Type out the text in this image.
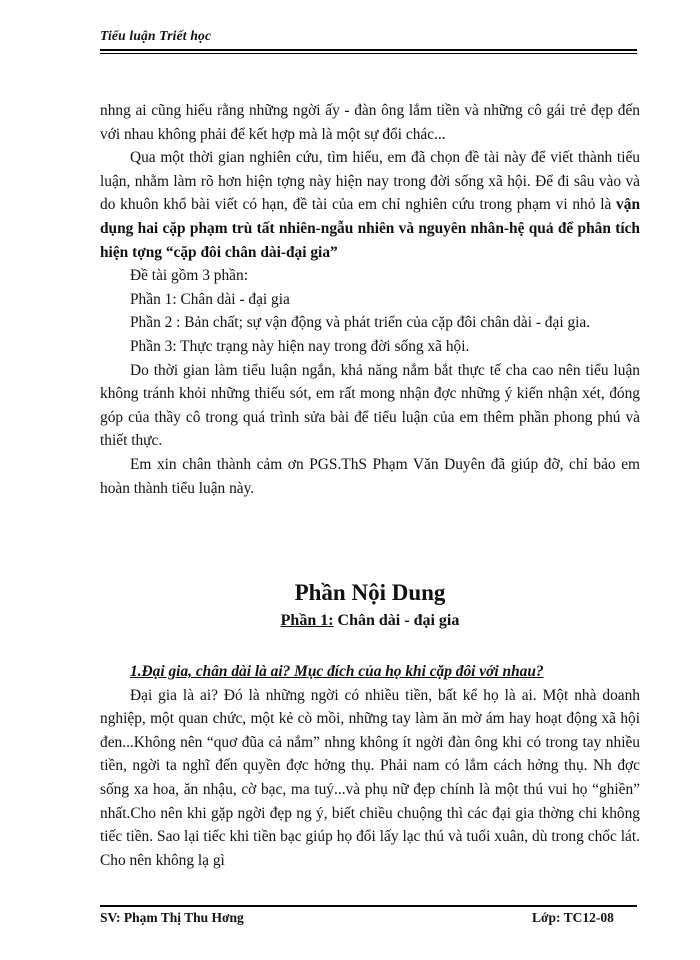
Tiểu luận Triết học

nhng ai cũng hiểu rằng những ngời ấy - đàn ông lắm tiền và những cô gái trẻ đẹp đến với nhau không phải để kết hợp mà là một sự đổi chác...

Qua một thời gian nghiên cứu, tìm hiểu, em đã chọn đề tài này để viết thành tiểu luận, nhằm làm rõ hơn hiện tợng này hiện nay trong đời sống xã hội. Để đi sâu vào và do khuôn khổ bài viết có hạn, đề tài của em chỉ nghiên cứu trong phạm vi nhỏ là vận dụng hai cặp phạm trù tất nhiên-ngẫu nhiên và nguyên nhân-hệ quả để phân tích hiện tợng “cặp đôi chân dài-đại gia”

Đề tài gồm 3 phần:

Phần 1: Chân dài - đại gia

Phần 2 : Bản chất; sự vận động và phát triển của cặp đôi chân dài - đại gia.

Phần 3: Thực trạng này hiện nay trong đời sống xã hội.

Do thời gian làm tiểu luận ngắn, khả năng nắm bắt thực tế cha cao nên tiểu luận không tránh khỏi những thiếu sót, em rất mong nhận đợc những ý kiến nhận xét, đóng góp của thầy cô trong quá trình sửa bài để tiểu luận của em thêm phần phong phú và thiết thực.

Em xin chân thành cảm ơn PGS.ThS Phạm Văn Duyên đã giúp đỡ, chỉ bảo em hoàn thành tiểu luận này.

Phần Nội Dung
Phần 1: Chân dài - đại gia

1.Đại gia, chân dài là ai? Mục đích của họ khi cặp đôi với nhau?

Đại gia là ai? Đó là những ngời có nhiều tiền, bất kể họ là ai. Một nhà doanh nghiệp, một quan chức, một kẻ cò mồi, những tay làm ăn mờ ám hay hoạt động xã hội đen...Không nên “quơ đũa cả nắm” nhng không ít ngời đàn ông khi có trong tay nhiều tiền, ngời ta nghĩ đến quyền đợc hởng thụ. Phải nam có lắm cách hởng thụ. Nh đợc sống xa hoa, ăn nhậu, cờ bạc, ma tuý...và phụ nữ đẹp chính là một thú vui họ “ghiền” nhất.Cho nên khi gặp ngời đẹp ng ý, biết chiều chuộng thì các đại gia thờng chi không tiếc tiền. Sao lại tiếc khi tiền bạc giúp họ đổi lấy lạc thú và tuổi xuân, dù trong chốc lát. Cho nên không lạ gì

SV: Phạm Thị Thu Hơng	Lớp: TC12-08
